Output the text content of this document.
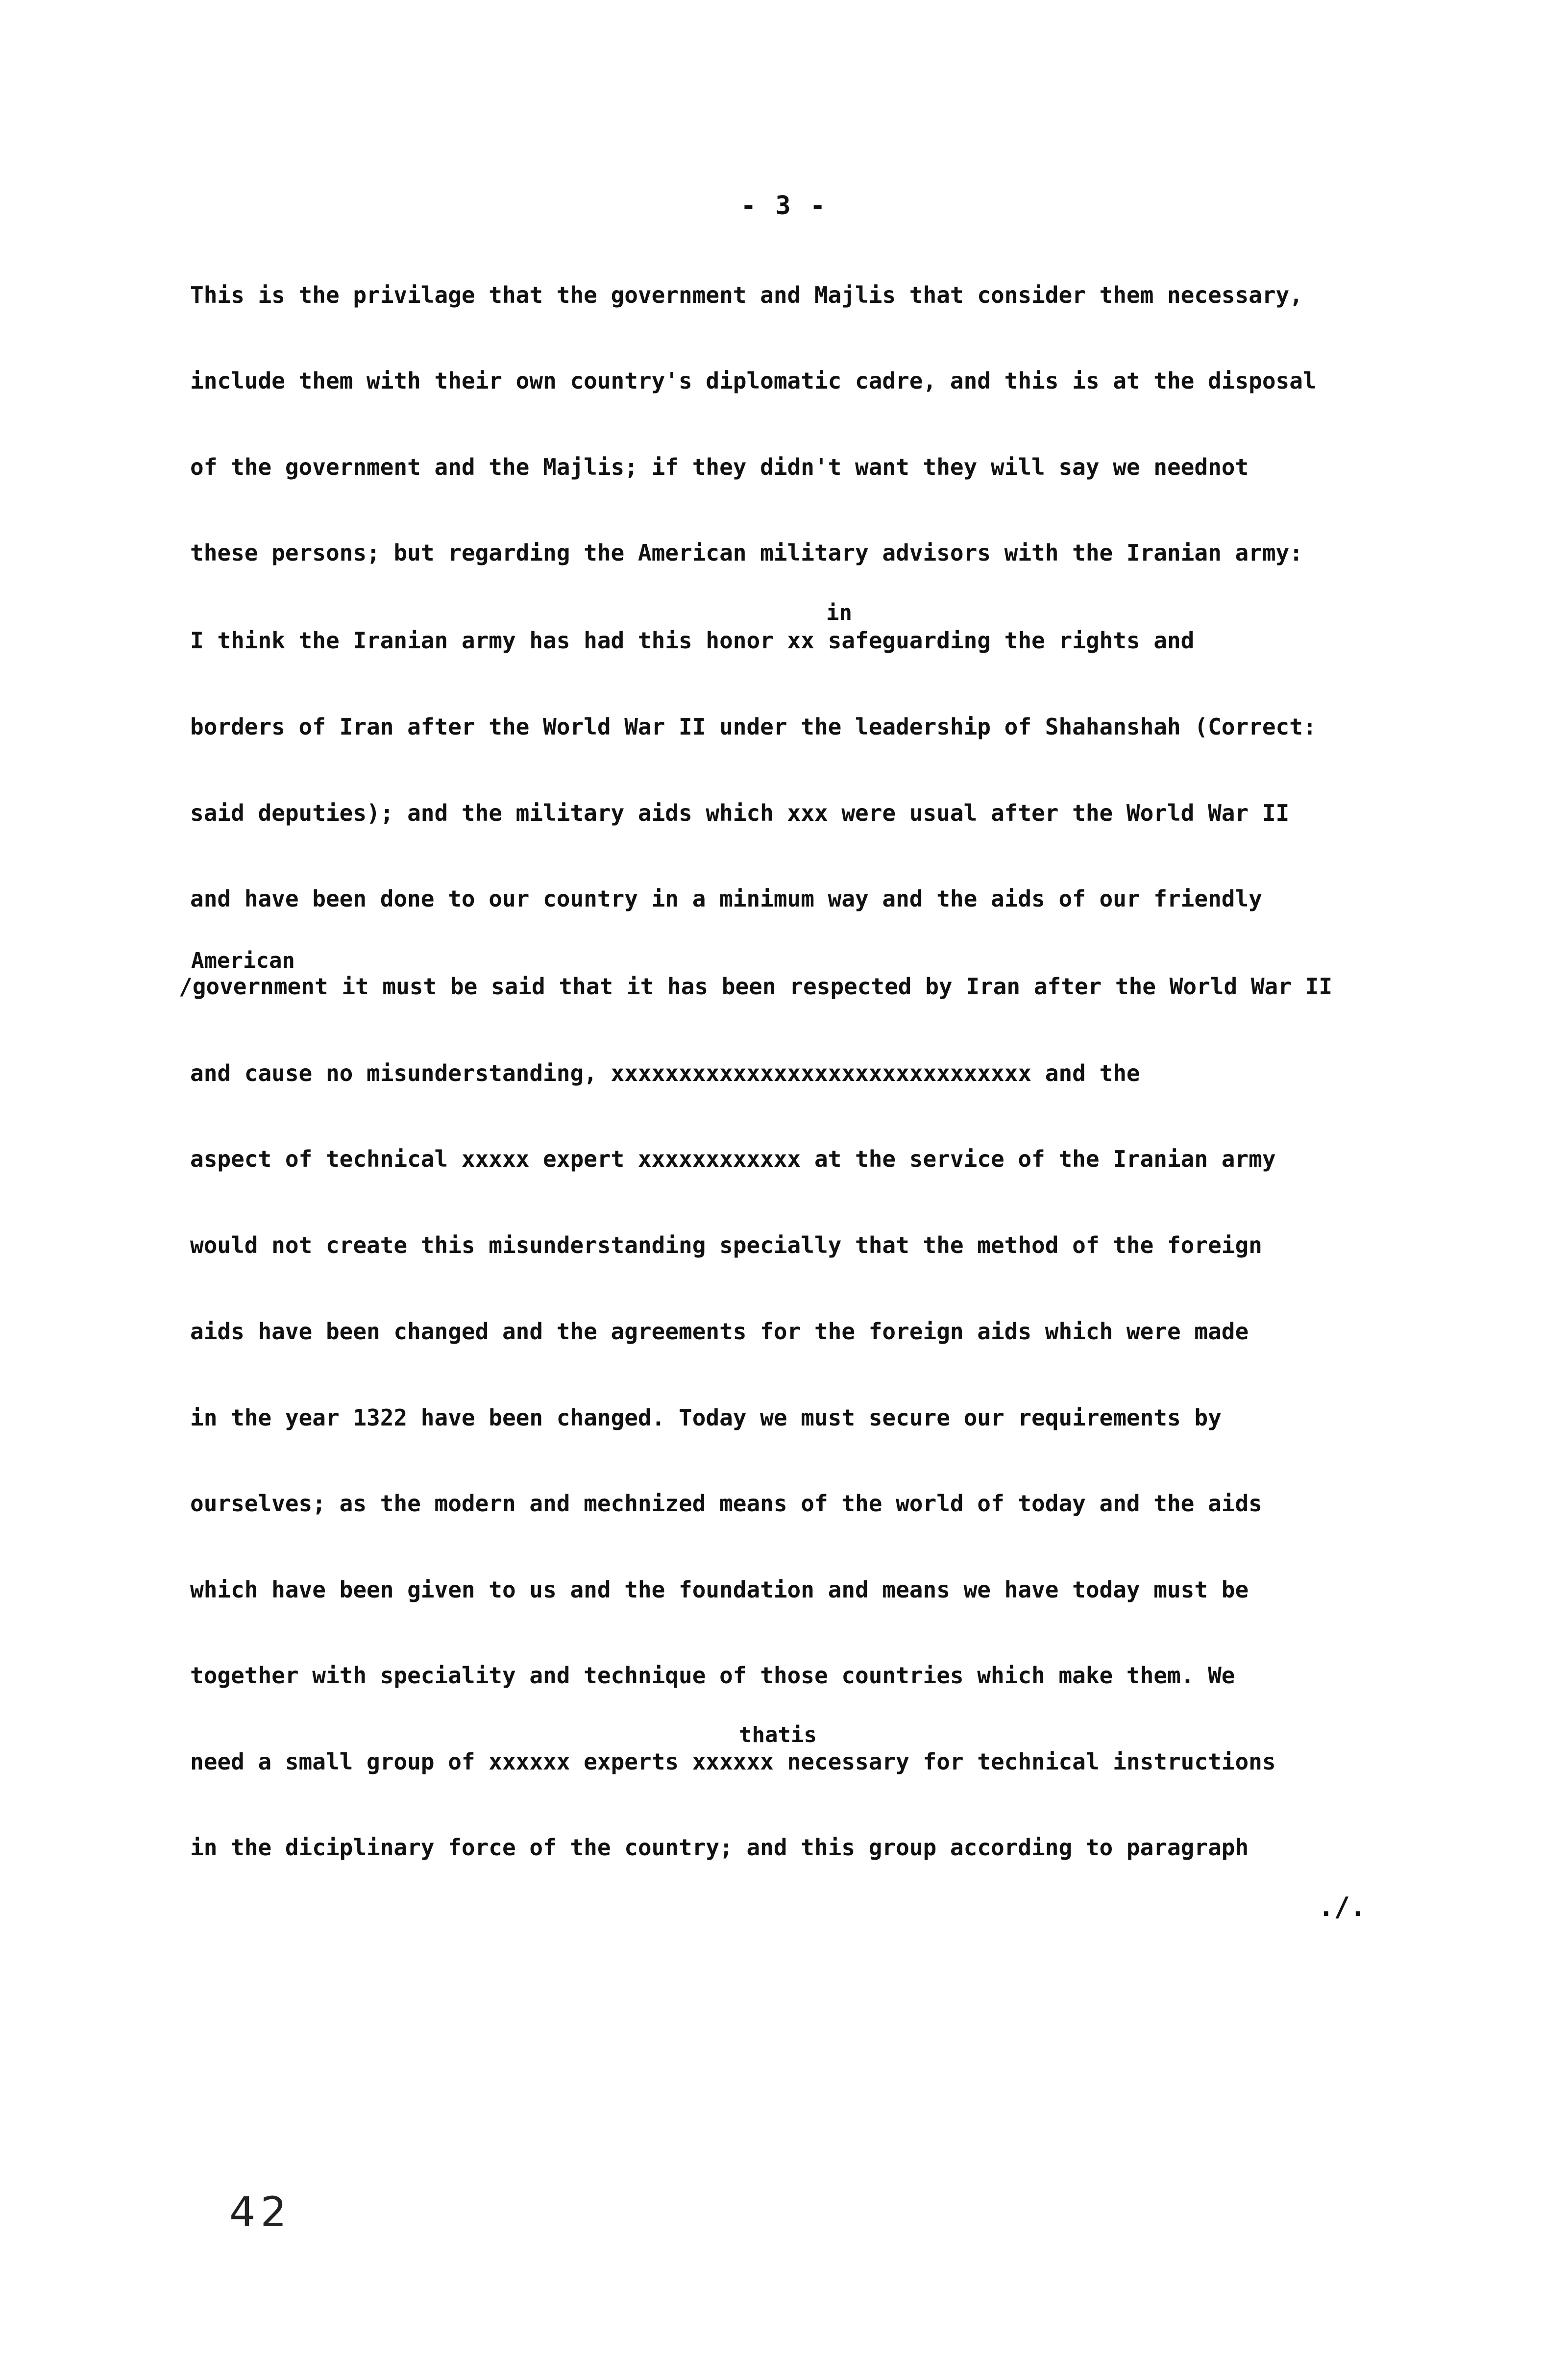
- 3 -
This is the privilage that the government and Majlis that consider them necessary,
include them with their own country's diplomatic cadre, and this is at the disposal
of the government and the Majlis; if they didn't want they will say we neednot
these persons; but regarding the American military advisors with the Iranian army:
in
I think the Iranian army has had this honor xx safeguarding the rights and
borders of Iran after the World War II under the leadership of Shahanshah (Correct:
said deputies); and the military aids which xxx were usual after the World War II
and have been done to our country in a minimum way and the aids of our friendly
American
/government it must be said that it has been respected by Iran after the World War II
and cause no misunderstanding, xxxxxxxxxxxxxxxxxxxxxxxxxxxxxxx and the
aspect of technical xxxxx expert xxxxxxxxxxxx at the service of the Iranian army
would not create this misunderstanding specially that the method of the foreign
aids have been changed and the agreements for the foreign aids which were made
in the year 1322 have been changed. Today we must secure our requirements by
ourselves; as the modern and mechnized means of the world of today and the aids
which have been given to us and the foundation and means we have today must be
together with speciality and technique of those countries which make them. We
thatis
need a small group of xxxxxx experts xxxxxx necessary for technical instructions
in the diciplinary force of the country; and this group according to paragraph
./.
42
